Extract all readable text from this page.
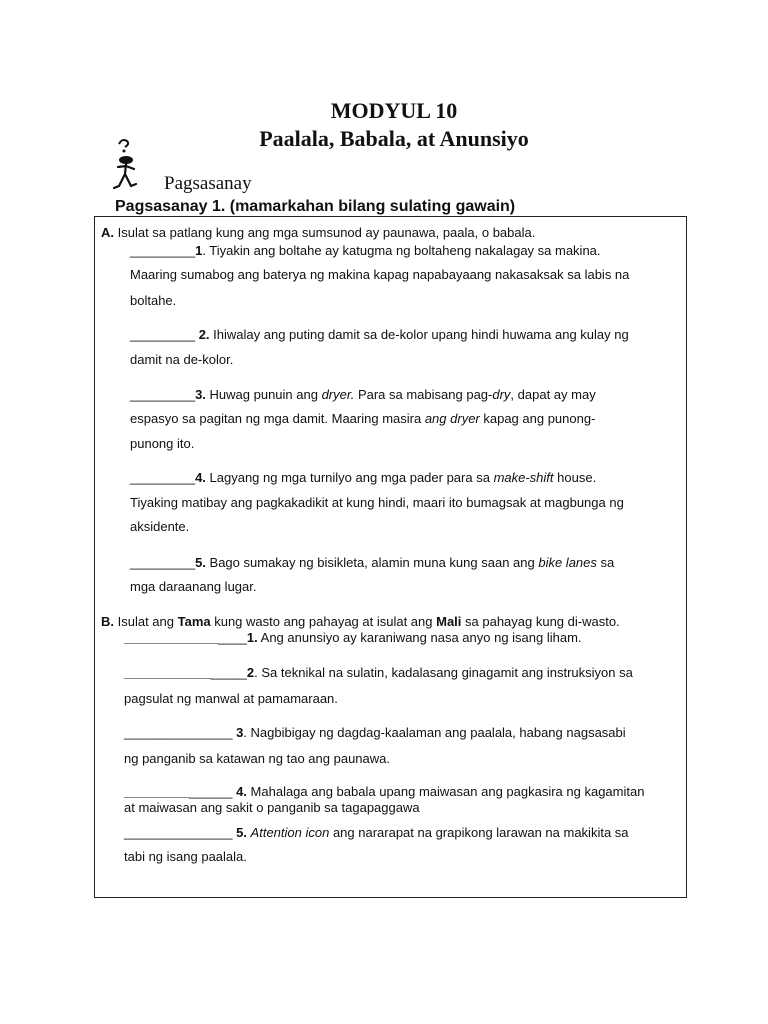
MODYUL 10
Paalala, Babala, at Anunsiyo
Pagsasanay
Pagsasanay 1. (mamarkahan bilang sulating gawain)
A. Isulat sa patlang kung ang mga sumsunod ay paunawa, paala, o babala.
_________1. Tiyakin ang boltahe ay katugma ng boltaheng nakalagay sa makina.
Maaring sumabog ang baterya ng makina kapag napabayaang nakasaksak sa labis na
boltahe.
_________ 2. Ihiwalay ang puting damit sa de-kolor upang hindi huwama ang kulay ng
damit na de-kolor.
_________3. Huwag punuin ang dryer. Para sa mabisang pag-dry, dapat ay may
espasyo sa pagitan ng mga damit. Maaring masira ang dryer kapag ang punong-
punong ito.
_________4. Lagyang ng mga turnilyo ang mga pader para sa make-shift house.
Tiyaking matibay ang pagkakadikit at kung hindi, maari ito bumagsak at magbunga ng
aksidente.
_________5. Bago sumakay ng bisikleta, alamin muna kung saan ang bike lanes sa
mga daraanang lugar.
B. Isulat ang Tama kung wasto ang pahayag at isulat ang Mali sa pahayag kung di-wasto.
_________________1. Ang anunsiyo ay karaniwang nasa anyo ng isang liham.
_________________2. Sa teknikal na sulatin, kadalasang ginagamit ang instruksiyon sa
pagsulat ng manwal at pamamaraan.
_______________ 3. Nagbibigay ng dagdag-kaalaman ang paalala, habang nagsasabi
ng panganib sa katawan ng tao ang paunawa.
_______________ 4. Mahalaga ang babala upang maiwasan ang pagkasira ng kagamitan
at maiwasan ang sakit o panganib sa tagapaggawa
_______________ 5. Attention icon ang nararapat na grapikong larawan na makikita sa
tabi ng isang paalala.
